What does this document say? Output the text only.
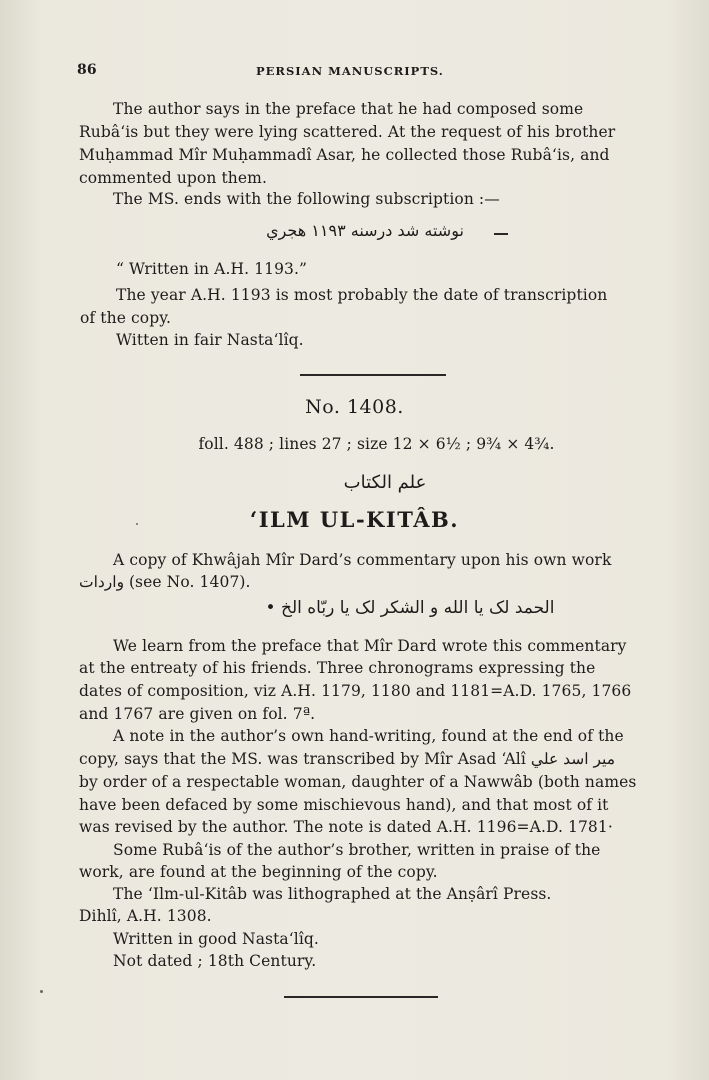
86	PERSIAN MANUSCRIPTS.
The author says in the preface that he had composed some
Rubâ‘is but they were lying scattered. At the request of his brother
Muḥammad Mîr Muḥammadî Asar, he collected those Rubâ‘is, and
commented upon them.
The MS. ends with the following subscription :—
نوشته شد درسنه ۱۱۹۳ هجري
“ Written in A.H. 1193.”
The year A.H. 1193 is most probably the date of transcription
of the copy.
Witten in fair Nasta‘lîq.
No. 1408.
foll. 488 ; lines 27 ; size 12 × 6½ ; 9¾ × 4¾.
علم الكتاب
‘ILM UL-KITÂB.
A copy of Khwâjah Mîr Dard’s commentary upon his own work
واردات (see No. 1407).
الحمد لک يا الله و الشکر لک يا ربّاه الخ •
We learn from the preface that Mîr Dard wrote this commentary
at the entreaty of his friends. Three chronograms expressing the
dates of composition, viz A.H. 1179, 1180 and 1181=A.D. 1765, 1766
and 1767 are given on fol. 7ª.
A note in the author’s own hand-writing, found at the end of the
copy, says that the MS. was transcribed by Mîr Asad ‘Alî مير اسد علي
by order of a respectable woman, daughter of a Nawwâb (both names
have been defaced by some mischievous hand), and that most of it
was revised by the author. The note is dated A.H. 1196=A.D. 1781·
Some Rubâ‘is of the author’s brother, written in praise of the
work, are found at the beginning of the copy.
The ‘Ilm-ul-Kitâb was lithographed at the Anṣârî Press.
Dihlî, A.H. 1308.
Written in good Nasta‘lîq.
Not dated ; 18th Century.
